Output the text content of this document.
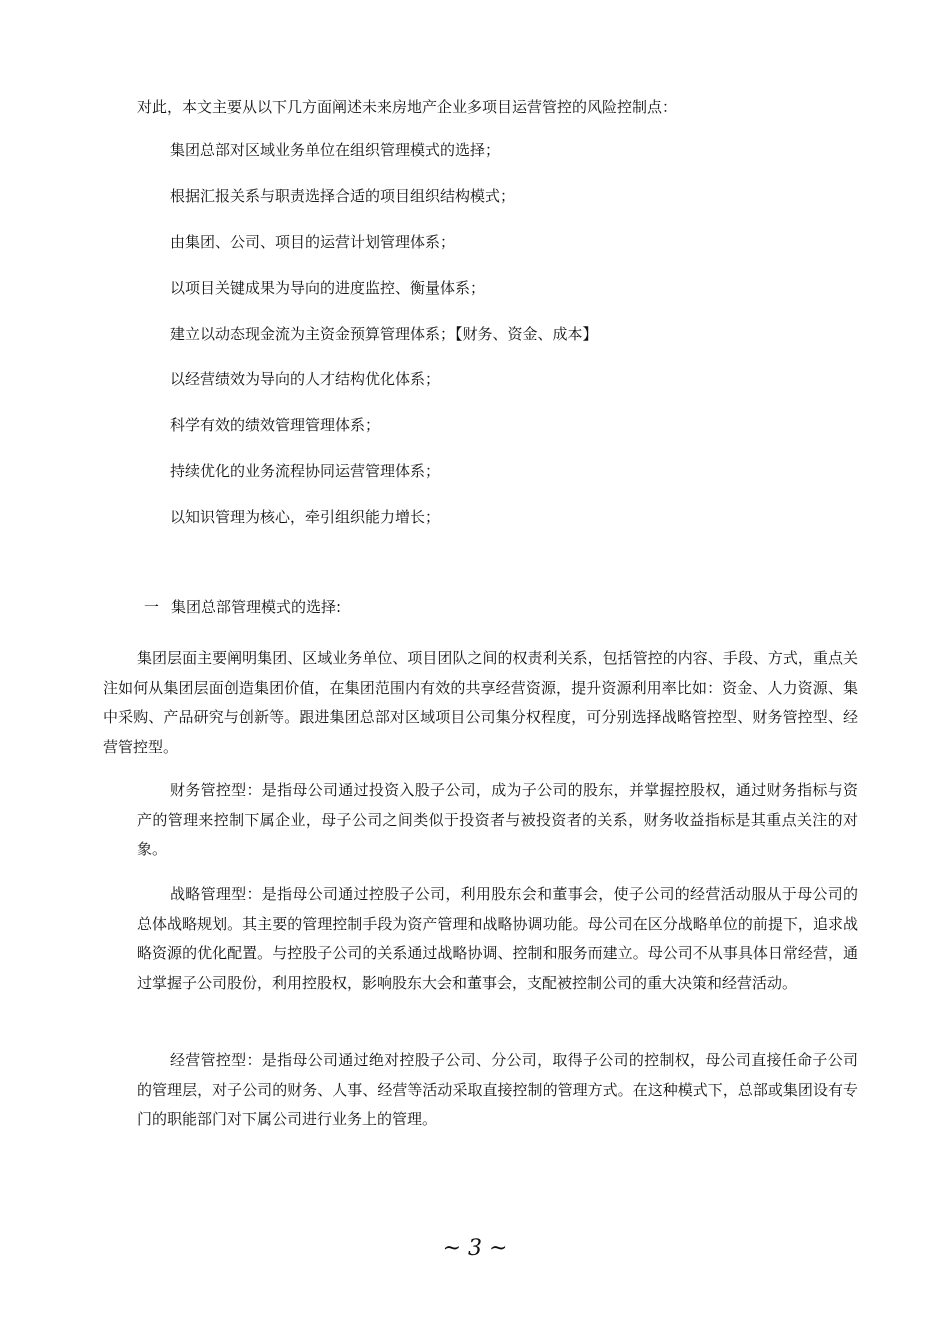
对此，本文主要从以下几方面阐述未来房地产企业多项目运营管控的风险控制点：
集团总部对区域业务单位在组织管理模式的选择；
根据汇报关系与职责选择合适的项目组织结构模式；
由集团、公司、项目的运营计划管理体系；
以项目关键成果为导向的进度监控、衡量体系；
建立以动态现金流为主资金预算管理体系；【财务、资金、成本】
以经营绩效为导向的人才结构优化体系；
科学有效的绩效管理管理体系；
持续优化的业务流程协同运营管理体系；
以知识管理为核心，牵引组织能力增长；
一 集团总部管理模式的选择:

集团层面主要阐明集团、区域业务单位、项目团队之间的权责利关系，包括管控的内容、手段、方式，重点关注如何从集团层面创造集团价值，在集团范围内有效的共享经营资源，提升资源利用率比如：资金、人力资源、集中采购、产品研究与创新等。跟进集团总部对区域项目公司集分权程度，可分别选择战略管控型、财务管控型、经营管控型。

财务管控型：是指母公司通过投资入股子公司，成为子公司的股东，并掌握控股权，通过财务指标与资产的管理来控制下属企业，母子公司之间类似于投资者与被投资者的关系，财务收益指标是其重点关注的对象。

战略管理型：是指母公司通过控股子公司，利用股东会和董事会，使子公司的经营活动服从于母公司的总体战略规划。其主要的管理控制手段为资产管理和战略协调功能。母公司在区分战略单位的前提下，追求战略资源的优化配置。与控股子公司的关系通过战略协调、控制和服务而建立。母公司不从事具体日常经营，通过掌握子公司股份，利用控股权，影响股东大会和董事会，支配被控制公司的重大决策和经营活动。

经营管控型：是指母公司通过绝对控股子公司、分公司，取得子公司的控制权，母公司直接任命子公司的管理层，对子公司的财务、人事、经营等活动采取直接控制的管理方式。在这种模式下，总部或集团设有专门的职能部门对下属公司进行业务上的管理。

~ 3 ~
